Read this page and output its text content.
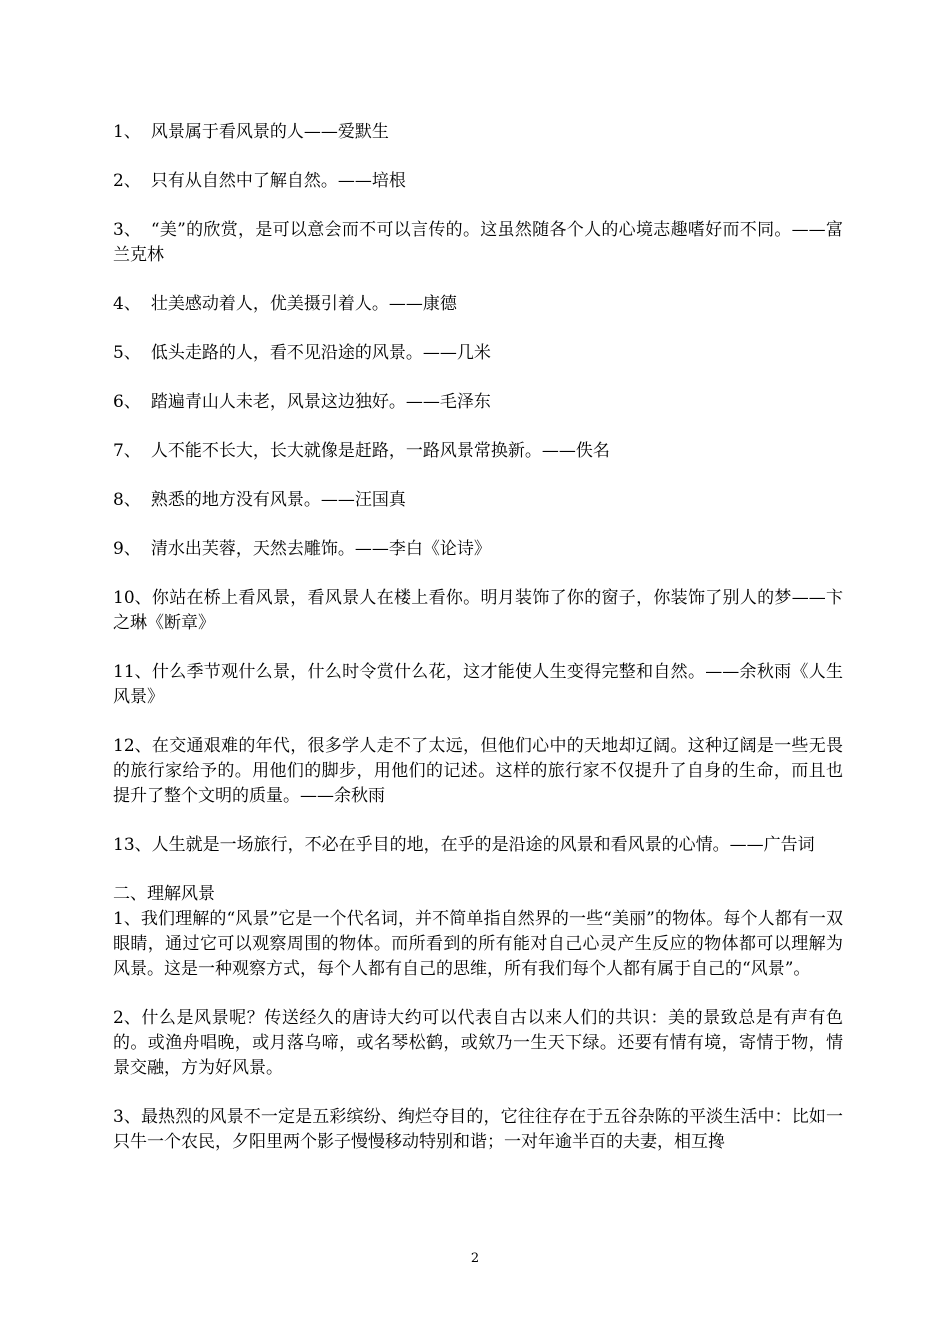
1、 风景属于看风景的人——爱默生
2、 只有从自然中了解自然。——培根
3、 “美”的欣赏，是可以意会而不可以言传的。这虽然随各个人的心境志趣嗜好而不同。——富兰克林
4、 壮美感动着人，优美摄引着人。——康德
5、 低头走路的人，看不见沿途的风景。——几米
6、 踏遍青山人未老，风景这边独好。——毛泽东
7、 人不能不长大，长大就像是赶路，一路风景常换新。——佚名
8、 熟悉的地方没有风景。——汪国真
9、 清水出芙蓉，天然去雕饰。——李白《论诗》
10、你站在桥上看风景，看风景人在楼上看你。明月装饰了你的窗子，你装饰了别人的梦——卞之琳《断章》
11、什么季节观什么景，什么时令赏什么花，这才能使人生变得完整和自然。——余秋雨《人生风景》
12、在交通艰难的年代，很多学人走不了太远，但他们心中的天地却辽阔。这种辽阔是一些无畏的旅行家给予的。用他们的脚步，用他们的记述。这样的旅行家不仅提升了自身的生命，而且也提升了整个文明的质量。——余秋雨
13、人生就是一场旅行，不必在乎目的地，在乎的是沿途的风景和看风景的心情。——广告词
二、理解风景
1、我们理解的“风景”它是一个代名词，并不简单指自然界的一些“美丽”的物体。每个人都有一双眼睛，通过它可以观察周围的物体。而所看到的所有能对自己心灵产生反应的物体都可以理解为风景。这是一种观察方式，每个人都有自己的思维，所有我们每个人都有属于自己的“风景”。
2、什么是风景呢？传送经久的唐诗大约可以代表自古以来人们的共识：美的景致总是有声有色的。或渔舟唱晚，或月落乌啼，或名琴松鹤，或欸乃一生天下绿。还要有情有境，寄情于物，情景交融，方为好风景。
3、最热烈的风景不一定是五彩缤纷、绚烂夺目的，它往往存在于五谷杂陈的平淡生活中：比如一只牛一个农民，夕阳里两个影子慢慢移动特别和谐；一对年逾半百的夫妻，相互搀
2
